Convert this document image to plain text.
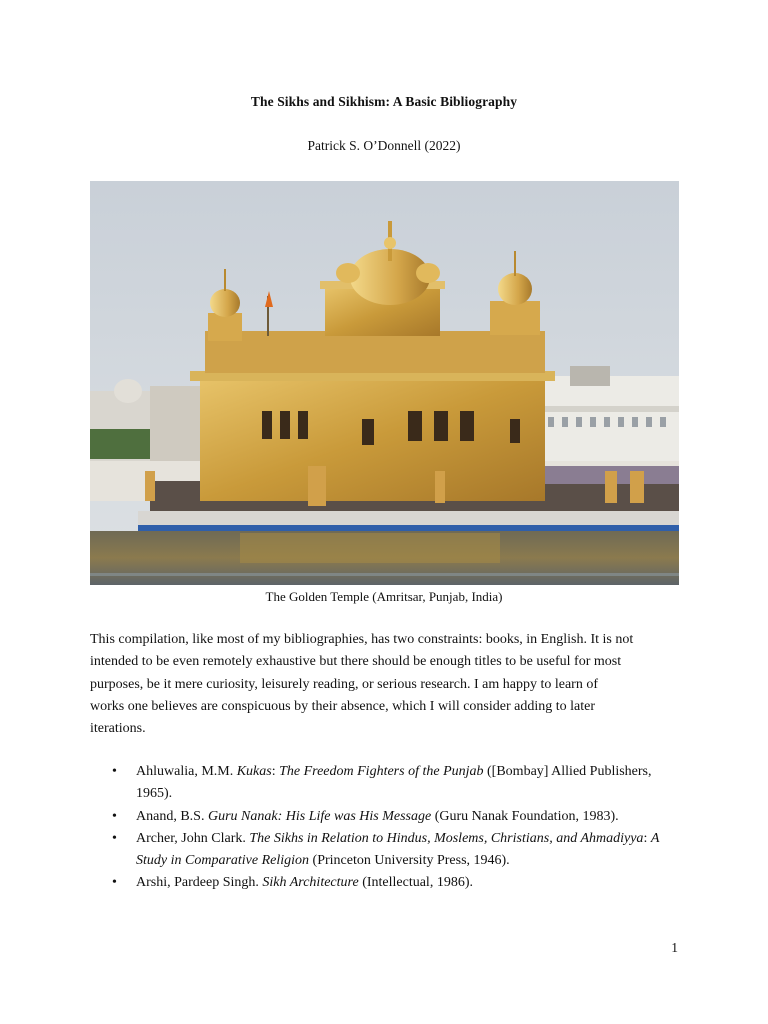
The Sikhs and Sikhism: A Basic Bibliography
Patrick S. O’Donnell (2022)
The Golden Temple (Amritsar, Punjab, India)
This compilation, like most of my bibliographies, has two constraints: books, in English. It is not
intended to be even remotely exhaustive but there should be enough titles to be useful for most
purposes, be it mere curiosity, leisurely reading, or serious research. I am happy to learn of
works one believes are conspicuous by their absence, which I will consider adding to later
iterations.
• Ahluwalia, M.M. Kukas: The Freedom Fighters of the Punjab ([Bombay] Allied Publishers,
1965).
• Anand, B.S. Guru Nanak: His Life was His Message (Guru Nanak Foundation, 1983).
• Archer, John Clark. The Sikhs in Relation to Hindus, Moslems, Christians, and Ahmadiyya: A
Study in Comparative Religion (Princeton University Press, 1946).
• Arshi, Pardeep Singh. Sikh Architecture (Intellectual, 1986).
1
